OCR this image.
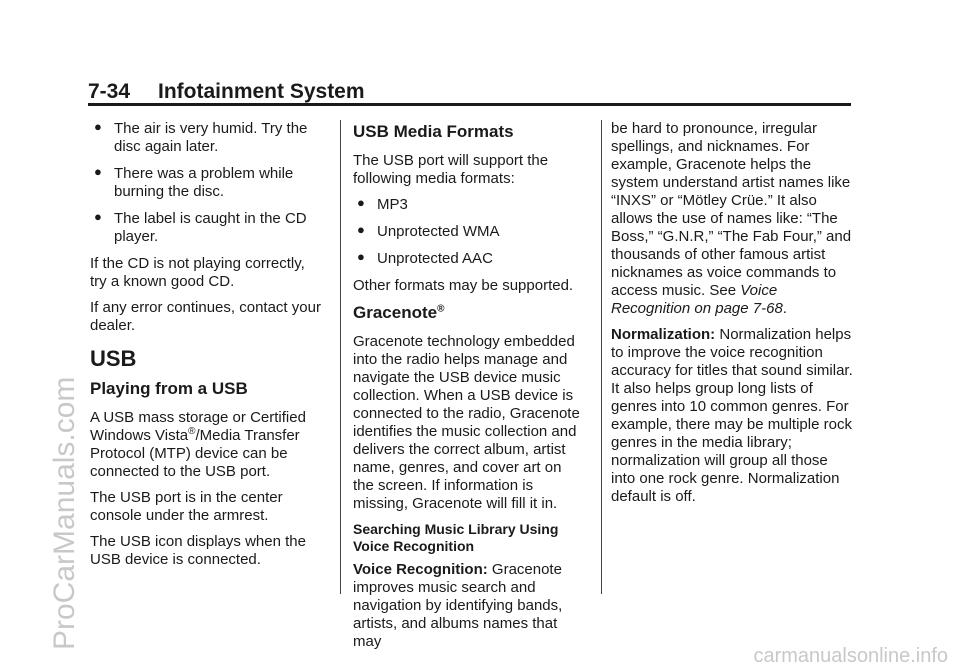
7-34 Infotainment System
● The air is very humid. Try the disc again later.
● There was a problem while burning the disc.
● The label is caught in the CD player.

If the CD is not playing correctly, try a known good CD.

If any error continues, contact your dealer.

USB
Playing from a USB

A USB mass storage or Certified Windows Vista®/Media Transfer Protocol (MTP) device can be connected to the USB port.

The USB port is in the center console under the armrest.

The USB icon displays when the USB device is connected.

USB Media Formats

The USB port will support the following media formats:

● MP3
● Unprotected WMA
● Unprotected AAC

Other formats may be supported.

Gracenote®

Gracenote technology embedded into the radio helps manage and navigate the USB device music collection. When a USB device is connected to the radio, Gracenote identifies the music collection and delivers the correct album, artist name, genres, and cover art on the screen. If information is missing, Gracenote will fill it in.

Searching Music Library Using Voice Recognition

Voice Recognition: Gracenote improves music search and navigation by identifying bands, artists, and albums names that may

be hard to pronounce, irregular spellings, and nicknames. For example, Gracenote helps the system understand artist names like “INXS” or “Mötley Crüe.” It also allows the use of names like: “The Boss,” “G.N.R,” “The Fab Four,” and thousands of other famous artist nicknames as voice commands to access music. See Voice Recognition on page 7-68.

Normalization: Normalization helps to improve the voice recognition accuracy for titles that sound similar. It also helps group long lists of genres into 10 common genres. For example, there may be multiple rock genres in the media library; normalization will group all those into one rock genre. Normalization default is off.

ProCarManuals.com
carmanualsonline.info
